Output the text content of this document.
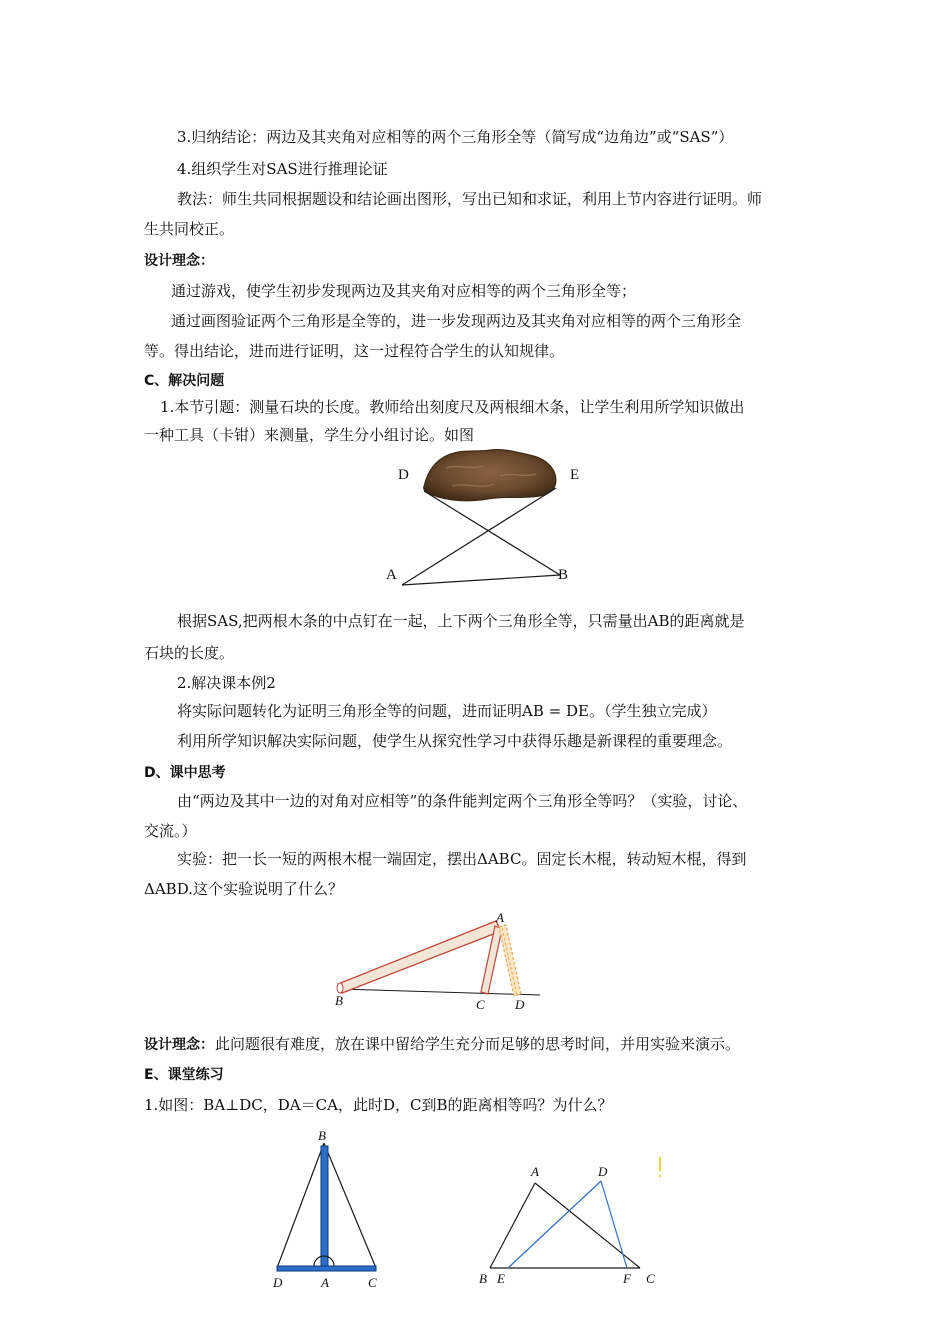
3.归纳结论：两边及其夹角对应相等的两个三角形全等（简写成“边角边”或“SAS”）
4.组织学生对SAS进行推理论证
教法：师生共同根据题设和结论画出图形，写出已知和求证，利用上节内容进行证明。师
生共同校正。
设计理念：
通过游戏，使学生初步发现两边及其夹角对应相等的两个三角形全等；
通过画图验证两个三角形是全等的，进一步发现两边及其夹角对应相等的两个三角形全
等。得出结论，进而进行证明，这一过程符合学生的认知规律。
C、解决问题
1.本节引题：测量石块的长度。教师给出刻度尺及两根细木条，让学生利用所学知识做出
一种工具（卡钳）来测量，学生分小组讨论。如图
D	E
A	B
根据SAS,把两根木条的中点钉在一起，上下两个三角形全等，只需量出AB的距离就是
石块的长度。
2.解决课本例2
将实际问题转化为证明三角形全等的问题，进而证明AB = DE。（学生独立完成）
利用所学知识解决实际问题，使学生从探究性学习中获得乐趣是新课程的重要理念。
D、课中思考
由“两边及其中一边的对角对应相等”的条件能判定两个三角形全等吗？（实验，讨论、
交流。）
实验：把一长一短的两根木棍一端固定，摆出ΔABC。固定长木棍，转动短木棍，得到
ΔABD.这个实验说明了什么？
A
B	C D
设计理念： 此问题很有难度，放在课中留给学生充分而足够的思考时间，并用实验来演示。
E、课堂练习
1.如图：BA⊥DC，DA＝CA，此时D，C到B的距离相等吗？为什么？
B
D	A	C
A	D
B E	F C
